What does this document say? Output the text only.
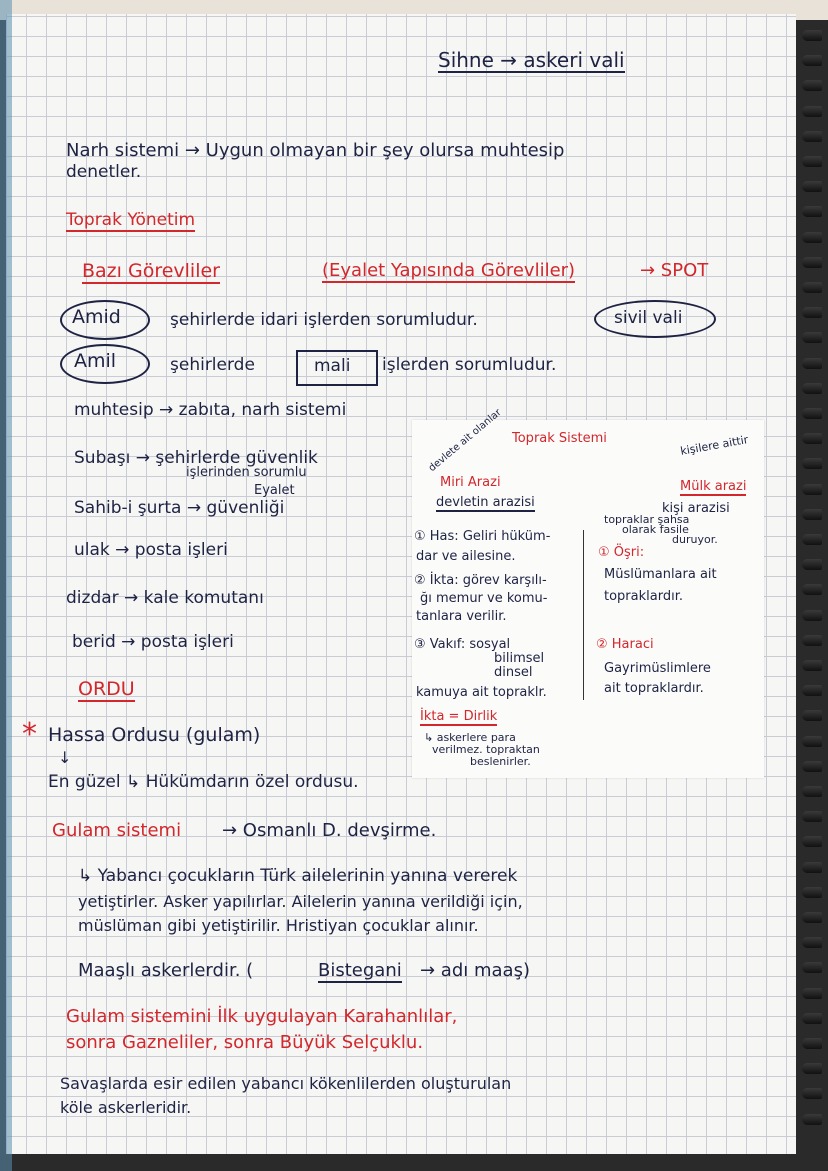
Sihne → askeri vali
Narh sistemi → Uygun olmayan bir şey olursa muhtesip
denetler.
Toprak Yönetim
Bazı Görevliler	(Eyalet Yapısında Görevliler)	→ SPOT
Amid	şehirlerde idari işlerden sorumludur.	sivil vali
Amil	şehirlerde	mali işlerden sorumludur.
muhtesip → zabıta, narh sistemi
Subaşı → şehirlerde güvenlik
işlerinden sorumlu
Eyalet
Sahib-i şurta → güvenliği
ulak → posta işleri
dizdar → kale komutanı
berid → posta işleri
ORDU
* Hassa Ordusu (gulam)
↓
En güzel ↳ Hükümdarın özel ordusu.
Gulam sistemi → Osmanlı D. devşirme.
↳ Yabancı çocukların Türk ailelerinin yanına vererek
yetiştirler. Asker yapılırlar. Ailelerin yanına verildiği için,
müslüman gibi yetiştirilir. Hristiyan çocuklar alınır.
Maaşlı askerlerdir. (	Bistegani → adı maaş)
Gulam sistemini İlk uygulayan Karahanlılar,
sonra Gazneliler, sonra Büyük Selçuklu.
Savaşlarda esir edilen yabancı kökenlilerden oluşturulan
köle askerleridir.
devlete ait olanlar Toprak Sistemi
Miri Arazi
devletin arazisi
kişilere aittir
Mülk arazi
kişi arazisi
topraklar şahsa
olarak fasile
duruyor.
① Has: Geliri hüküm-
dar ve ailesine.
② İkta: görev karşılı-
ğı memur ve komu-
tanlara verilir.
③ Vakıf: sosyal
bilimsel
dinsel
kamuya ait topraklr.
İkta = Dirlik
↳ askerlere para
verilmez. topraktan
beslenirler.
① Öşri:
Müslümanlara ait
topraklardır.
② Haraci
Gayrimüslimlere
ait topraklardır.
